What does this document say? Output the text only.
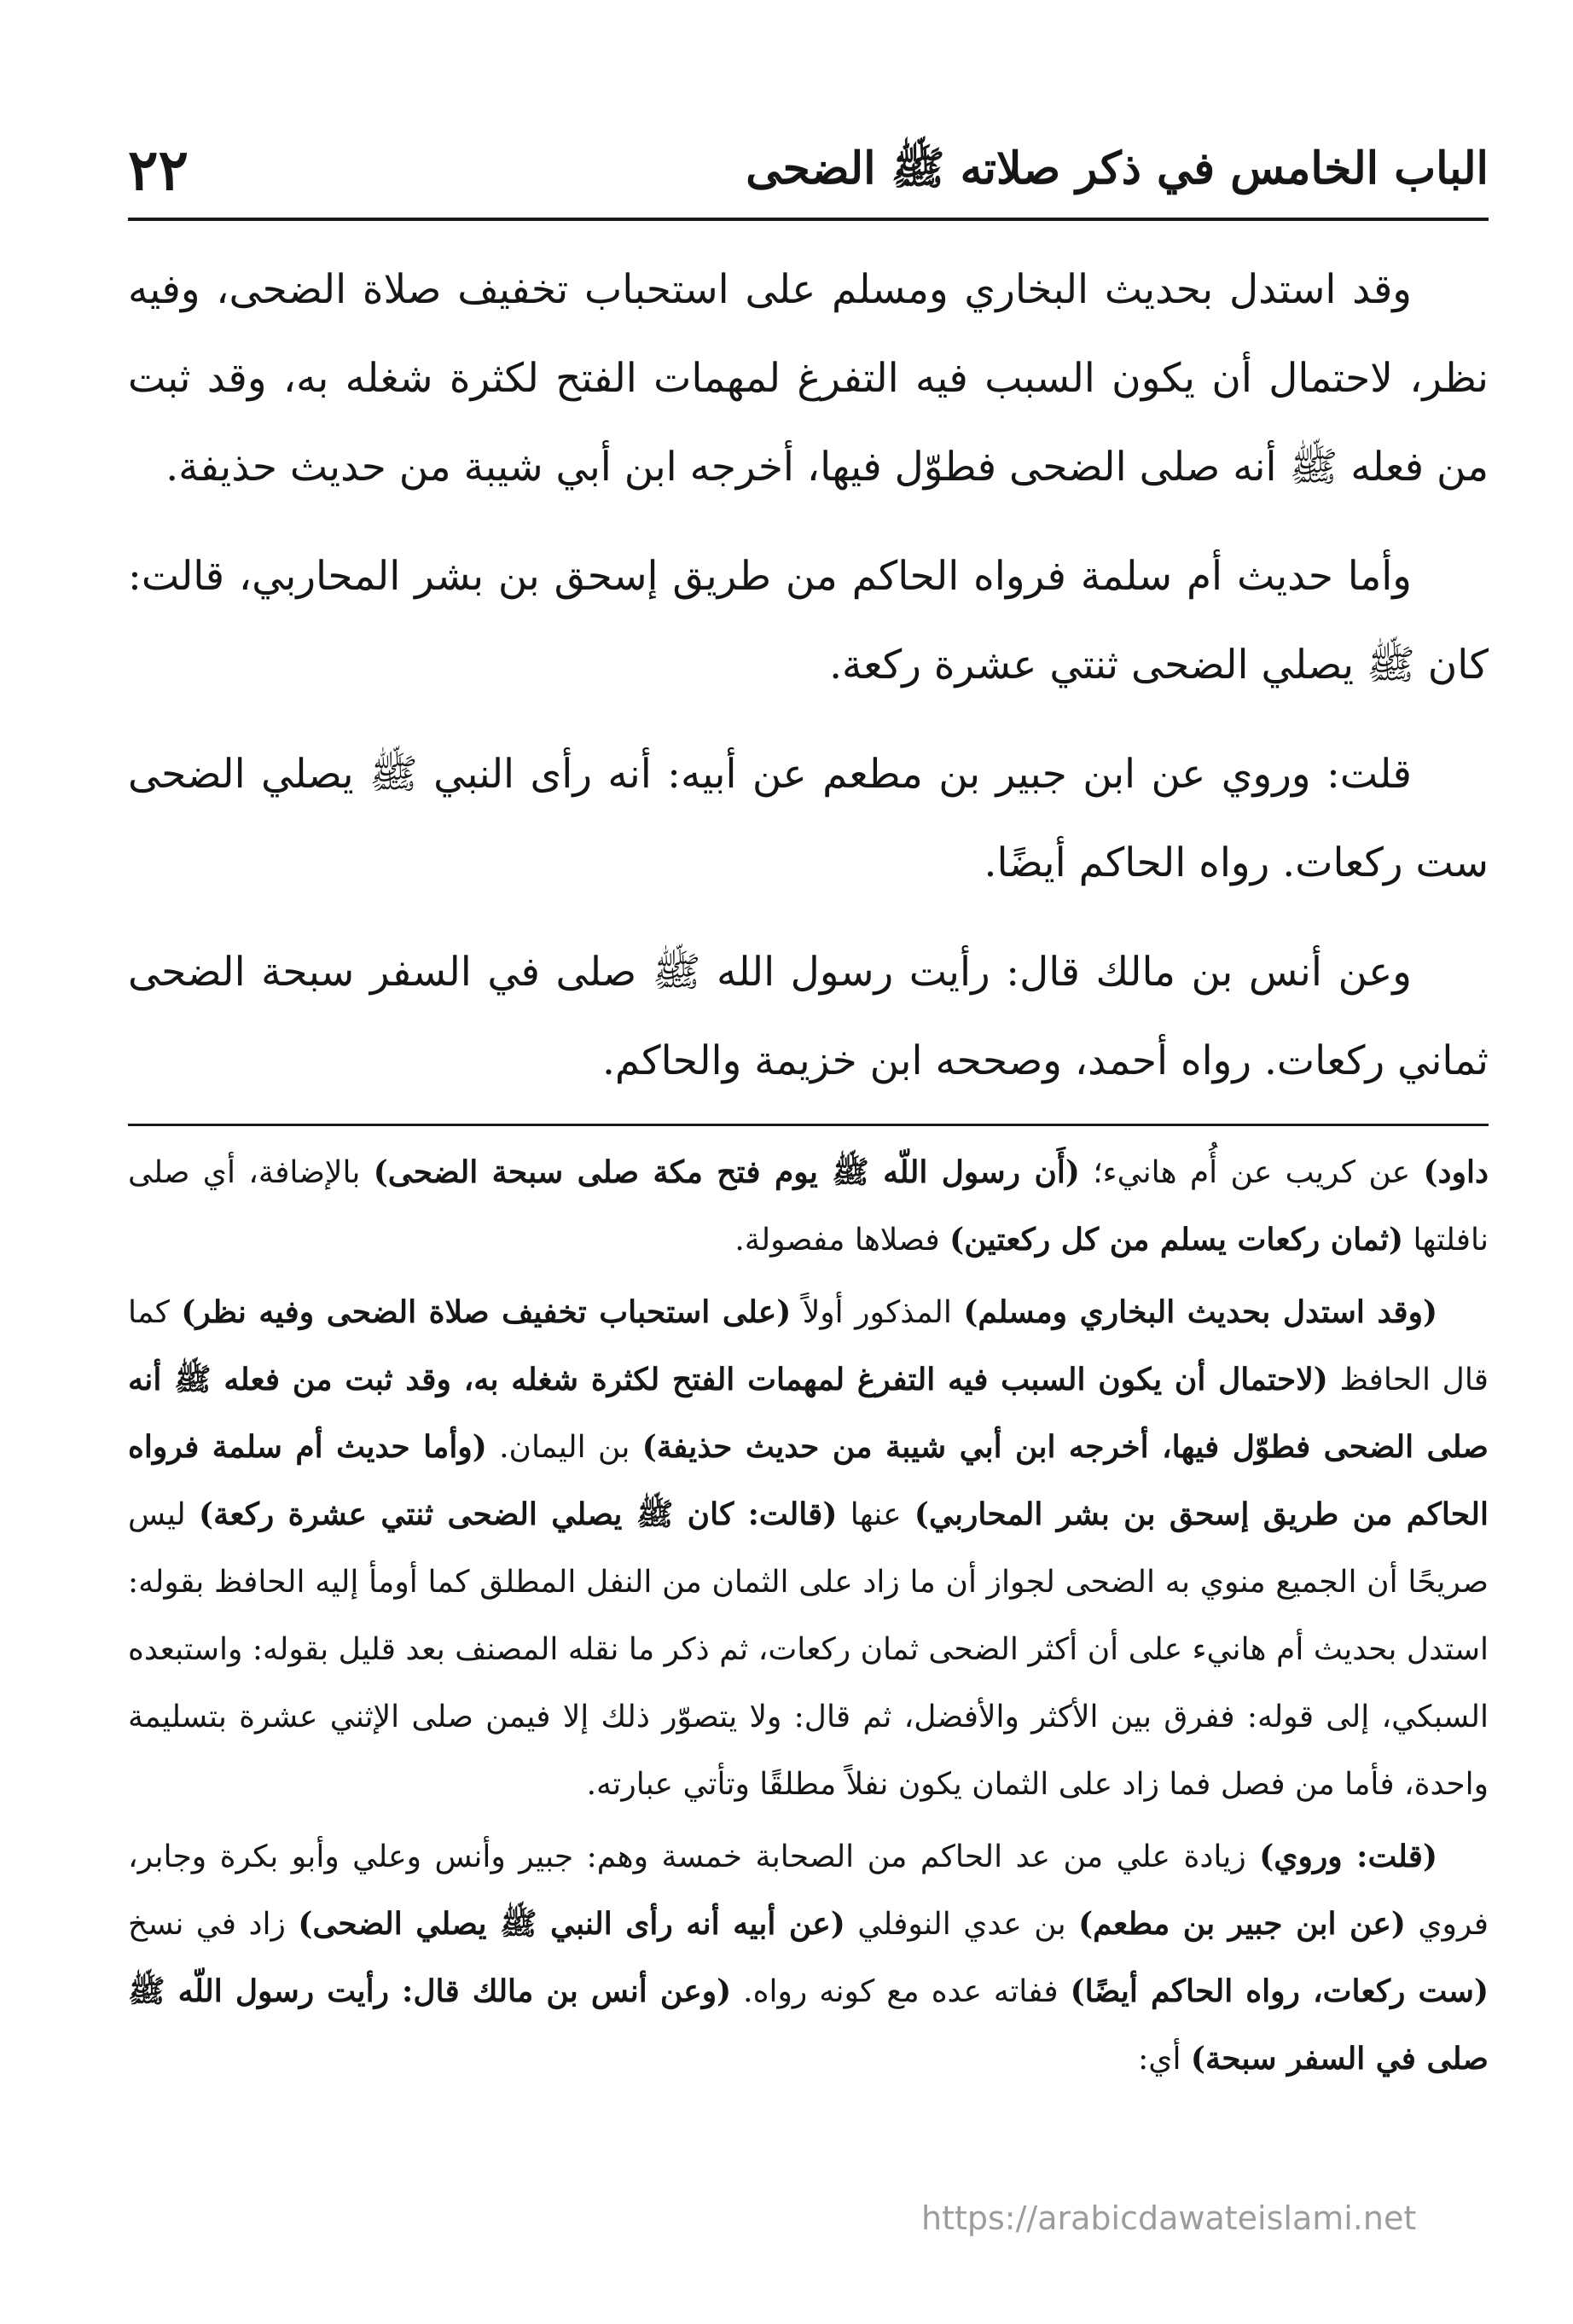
٢٢	الباب الخامس في ذكر صلاته ﷺ الضحى

وقد استدل بحديث البخاري ومسلم على استحباب تخفيف صلاة الضحى، وفيه نظر، لاحتمال أن يكون السبب فيه التفرغ لمهمات الفتح لكثرة شغله به، وقد ثبت من فعله ﷺ أنه صلى الضحى فطوّل فيها، أخرجه ابن أبي شيبة من حديث حذيفة.

وأما حديث أم سلمة فرواه الحاكم من طريق إسحق بن بشر المحاربي، قالت: كان ﷺ يصلي الضحى ثنتي عشرة ركعة.

قلت: وروي عن ابن جبير بن مطعم عن أبيه: أنه رأى النبي ﷺ يصلي الضحى ست ركعات. رواه الحاكم أيضًا.

وعن أنس بن مالك قال: رأيت رسول الله ﷺ صلى في السفر سبحة الضحى ثماني ركعات. رواه أحمد، وصححه ابن خزيمة والحاكم.

داود) عن كريب عن أُم هانيء؛ (أَن رسول اللّه ﷺ يوم فتح مكة صلى سبحة الضحى) بالإضافة، أي صلى نافلتها (ثمان ركعات يسلم من كل ركعتين) فصلاها مفصولة.

(وقد استدل بحديث البخاري ومسلم) المذكور أولاً (على استحباب تخفيف صلاة الضحى وفيه نظر) كما قال الحافظ (لاحتمال أن يكون السبب فيه التفرغ لمهمات الفتح لكثرة شغله به، وقد ثبت من فعله ﷺ أنه صلى الضحى فطوّل فيها، أخرجه ابن أبي شيبة من حديث حذيفة) بن اليمان. (وأما حديث أم سلمة فرواه الحاكم من طريق إسحق بن بشر المحاربي) عنها (قالت: كان ﷺ يصلي الضحى ثنتي عشرة ركعة) ليس صريحًا أن الجميع منوي به الضحى لجواز أن ما زاد على الثمان من النفل المطلق كما أومأ إليه الحافظ بقوله: استدل بحديث أم هانيء على أن أكثر الضحى ثمان ركعات، ثم ذكر ما نقله المصنف بعد قليل بقوله: واستبعده السبكي، إلى قوله: ففرق بين الأكثر والأفضل، ثم قال: ولا يتصوّر ذلك إلا فيمن صلى الإثني عشرة بتسليمة واحدة، فأما من فصل فما زاد على الثمان يكون نفلاً مطلقًا وتأتي عبارته.

(قلت: وروي) زيادة علي من عد الحاكم من الصحابة خمسة وهم: جبير وأنس وعلي وأبو بكرة وجابر، فروي (عن ابن جبير بن مطعم) بن عدي النوفلي (عن أبيه أنه رأى النبي ﷺ يصلي الضحى) زاد في نسخ (ست ركعات، رواه الحاكم أيضًا) ففاته عده مع كونه رواه. (وعن أنس بن مالك قال: رأيت رسول اللّه ﷺ صلى في السفر سبحة) أي:

https://arabicdawateislami.net
